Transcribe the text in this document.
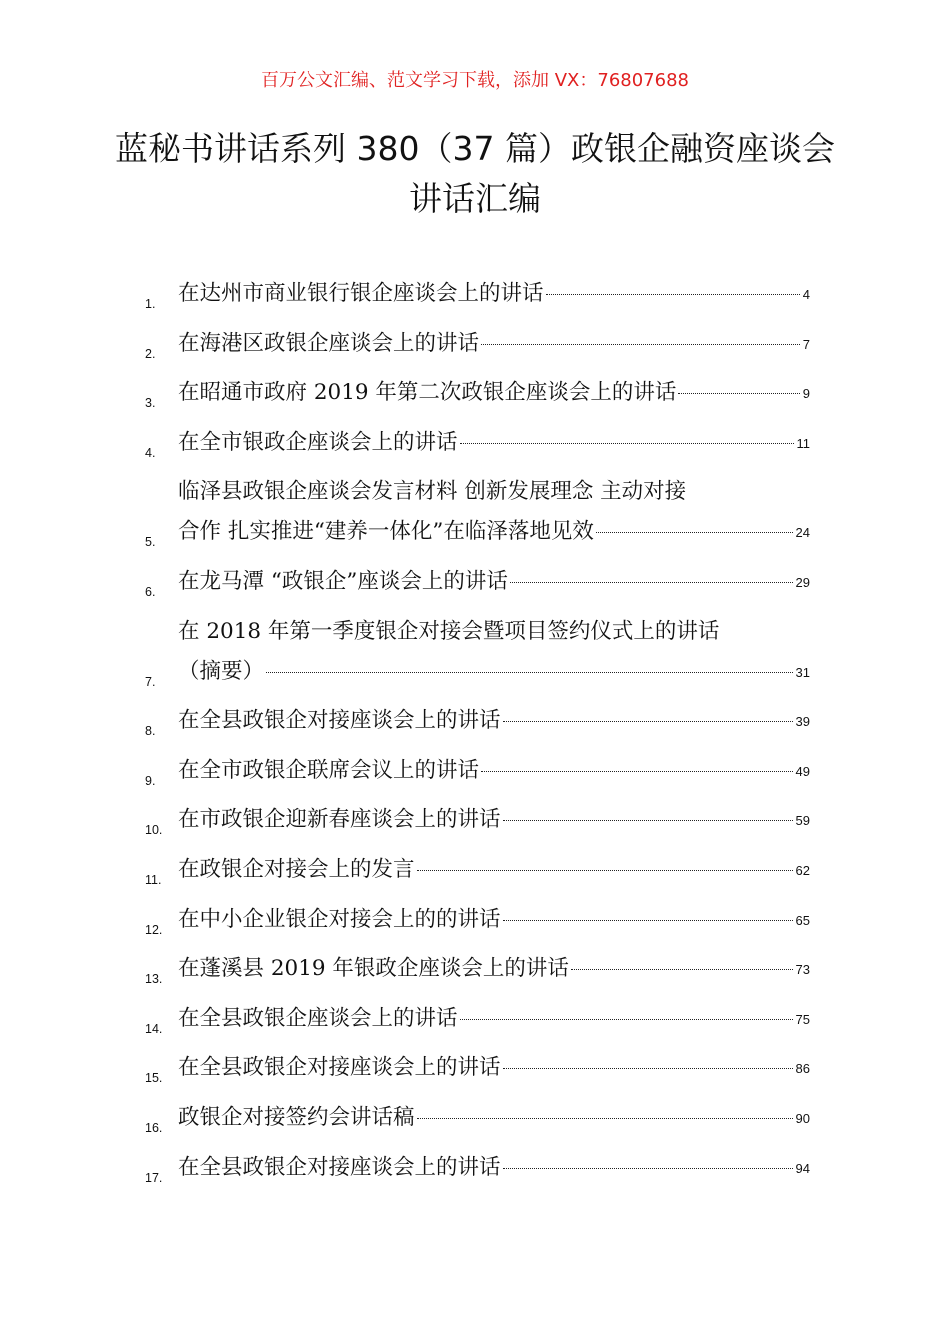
百万公文汇编、范文学习下载，添加 VX：76807688
蓝秘书讲话系列 380（37 篇）政银企融资座谈会讲话汇编
1. 在达州市商业银行银企座谈会上的讲话	4
2. 在海港区政银企座谈会上的讲话	7
3. 在昭通市政府 2019 年第二次政银企座谈会上的讲话	9
4. 在全市银政企座谈会上的讲话	11
5.
临泽县政银企座谈会发言材料 创新发展理念 主动对接
合作 扎实推进“建养一体化”在临泽落地见效	24
6. 在龙马潭 “政银企”座谈会上的讲话	29
7.
在 2018 年第一季度银企对接会暨项目签约仪式上的讲话
（摘要）	31
8. 在全县政银企对接座谈会上的讲话	39
9. 在全市政银企联席会议上的讲话	49
10. 在市政银企迎新春座谈会上的讲话	59
11. 在政银企对接会上的发言	62
12. 在中小企业银企对接会上的的讲话	65
13. 在蓬溪县 2019 年银政企座谈会上的讲话	73
14. 在全县政银企座谈会上的讲话	75
15. 在全县政银企对接座谈会上的讲话	86
16. 政银企对接签约会讲话稿	90
17. 在全县政银企对接座谈会上的讲话	94
